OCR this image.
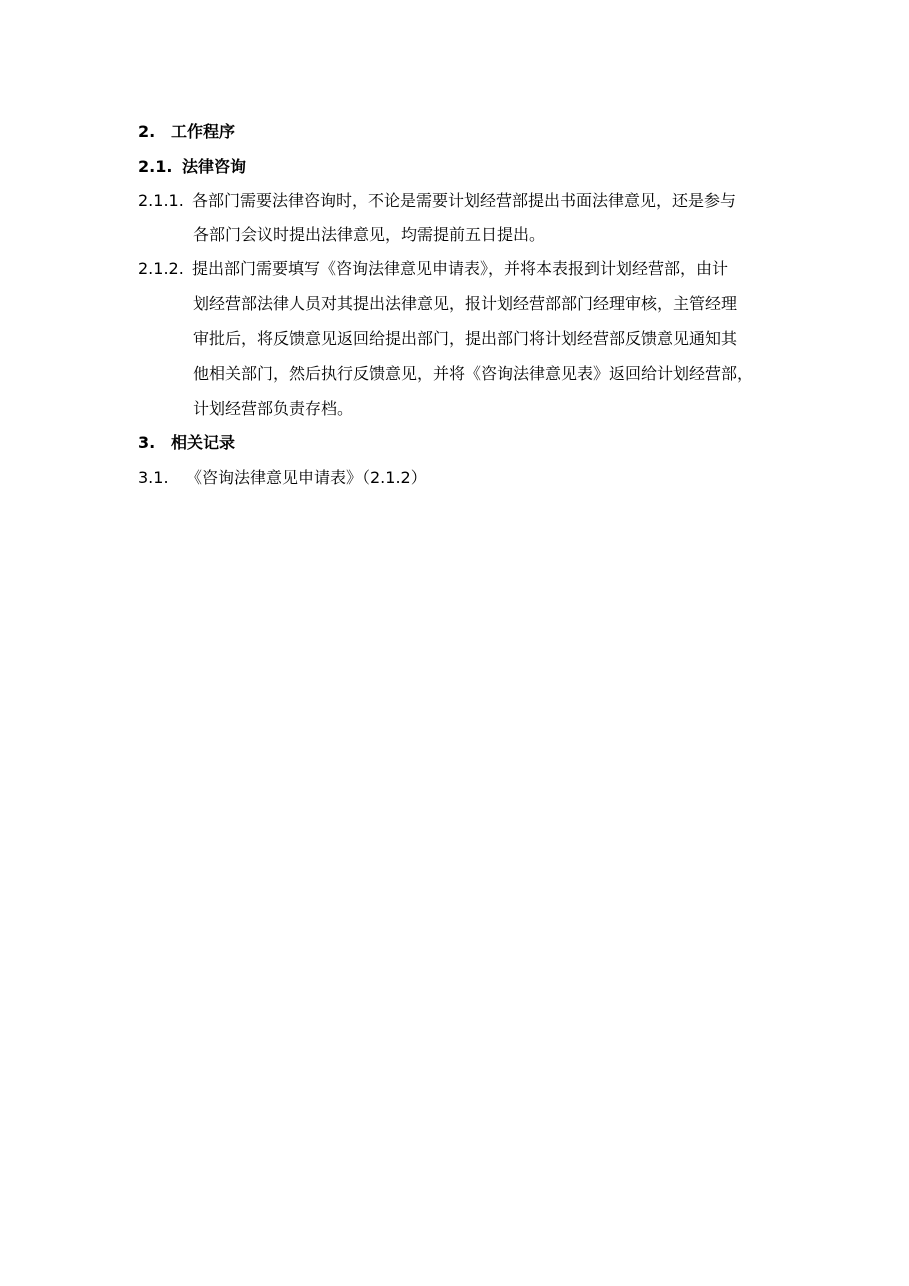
2. 工作程序
2.1. 法律咨询
2.1.1. 各部门需要法律咨询时，不论是需要计划经营部提出书面法律意见，还是参与
各部门会议时提出法律意见，均需提前五日提出。
2.1.2. 提出部门需要填写《咨询法律意见申请表》，并将本表报到计划经营部，由计
划经营部法律人员对其提出法律意见，报计划经营部部门经理审核，主管经理
审批后，将反馈意见返回给提出部门，提出部门将计划经营部反馈意见通知其
他相关部门，然后执行反馈意见，并将《咨询法律意见表》返回给计划经营部，
计划经营部负责存档。
3. 相关记录
3.1. 《咨询法律意见申请表》（2.1.2）
